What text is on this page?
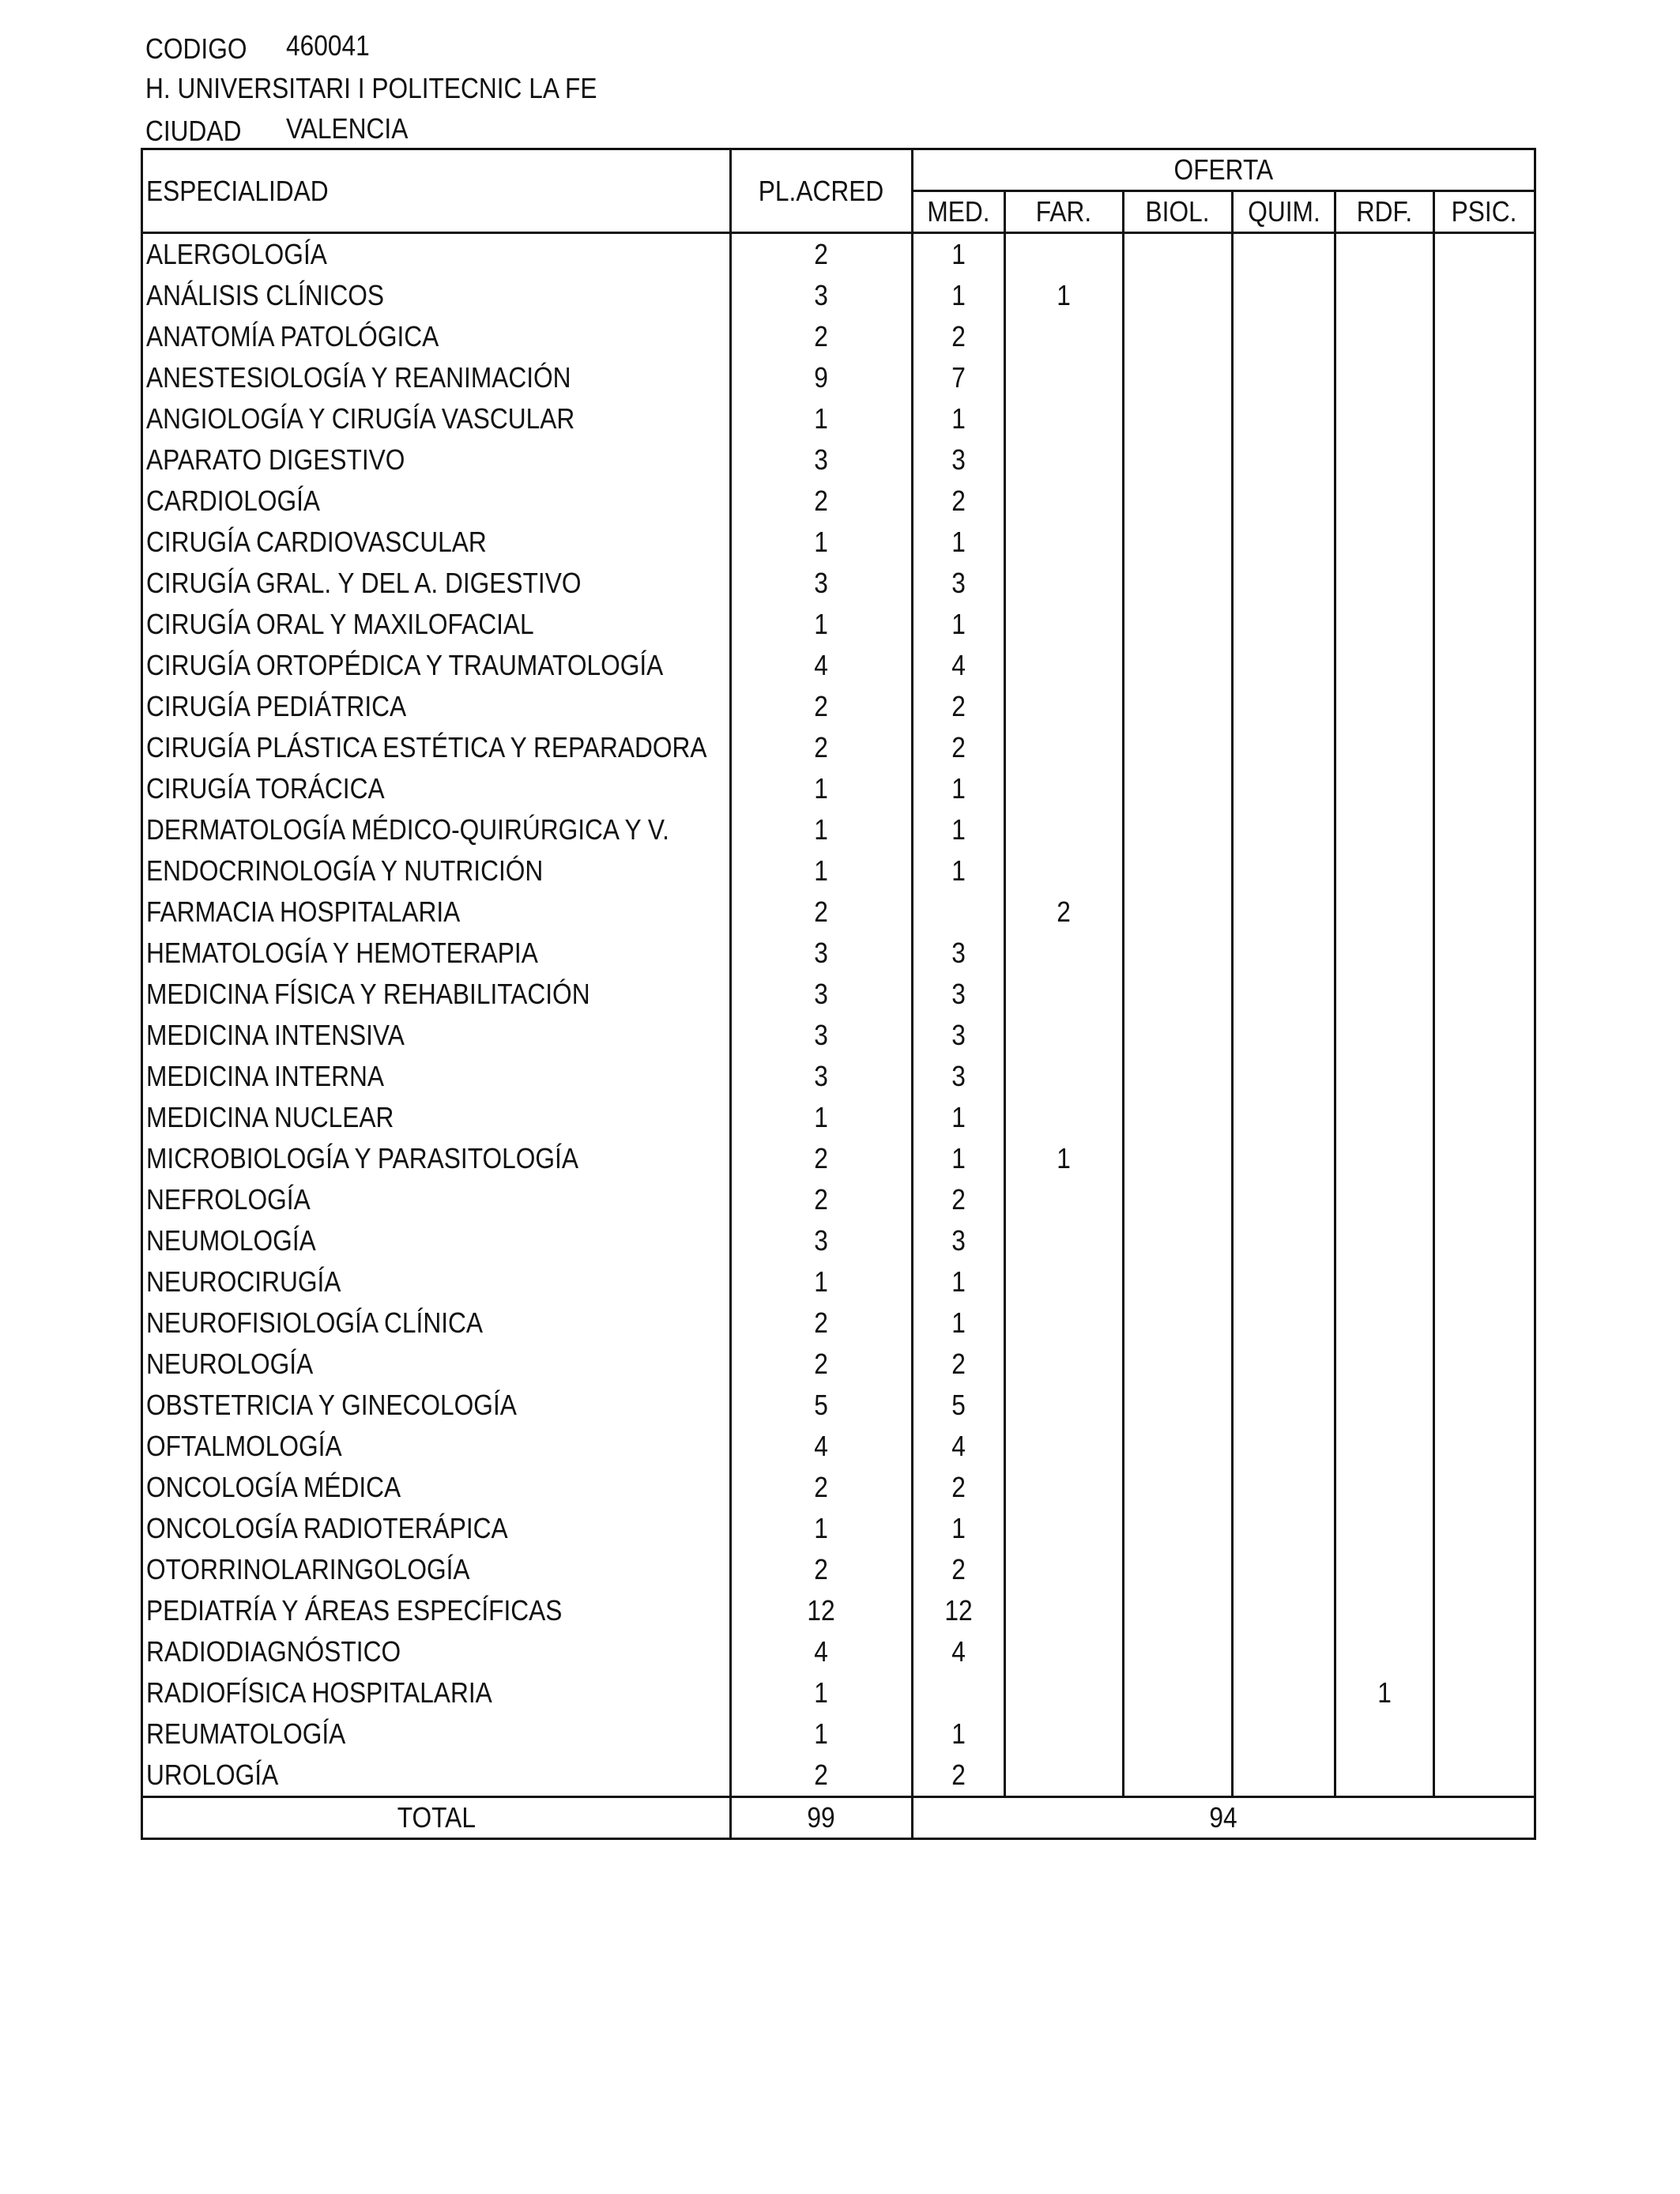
CODIGO 460041
H. UNIVERSITARI I POLITECNIC LA FE
CIUDAD VALENCIA
ESPECIALIDAD	PL.ACRED	OFERTA					
		MED.	FAR.	BIOL.	QUIM.	RDF.	PSIC.
ALERGOLOGÍA	2	1					
ANÁLISIS CLÍNICOS	3	1	1				
ANATOMÍA PATOLÓGICA	2	2					
ANESTESIOLOGÍA Y REANIMACIÓN	9	7					
ANGIOLOGÍA Y CIRUGÍA VASCULAR	1	1					
APARATO DIGESTIVO	3	3					
CARDIOLOGÍA	2	2					
CIRUGÍA CARDIOVASCULAR	1	1					
CIRUGÍA GRAL. Y DEL A. DIGESTIVO	3	3					
CIRUGÍA ORAL Y MAXILOFACIAL	1	1					
CIRUGÍA ORTOPÉDICA Y TRAUMATOLOGÍA	4	4					
CIRUGÍA PEDIÁTRICA	2	2					
CIRUGÍA PLÁSTICA ESTÉTICA Y REPARADORA	2	2					
CIRUGÍA TORÁCICA	1	1					
DERMATOLOGÍA MÉDICO-QUIRÚRGICA Y V.	1	1					
ENDOCRINOLOGÍA Y NUTRICIÓN	1	1					
FARMACIA HOSPITALARIA	2		2				
HEMATOLOGÍA Y HEMOTERAPIA	3	3					
MEDICINA FÍSICA Y REHABILITACIÓN	3	3					
MEDICINA INTENSIVA	3	3					
MEDICINA INTERNA	3	3					
MEDICINA NUCLEAR	1	1					
MICROBIOLOGÍA Y PARASITOLOGÍA	2	1	1				
NEFROLOGÍA	2	2					
NEUMOLOGÍA	3	3					
NEUROCIRUGÍA	1	1					
NEUROFISIOLOGÍA CLÍNICA	2	1					
NEUROLOGÍA	2	2					
OBSTETRICIA Y GINECOLOGÍA	5	5					
OFTALMOLOGÍA	4	4					
ONCOLOGÍA MÉDICA	2	2					
ONCOLOGÍA RADIOTERÁPICA	1	1					
OTORRINOLARINGOLOGÍA	2	2					
PEDIATRÍA Y ÁREAS ESPECÍFICAS	12	12					
RADIODIAGNÓSTICO	4	4					
RADIOFÍSICA HOSPITALARIA	1					1	
REUMATOLOGÍA	1	1					
UROLOGÍA	2	2					
TOTAL	99	94					
